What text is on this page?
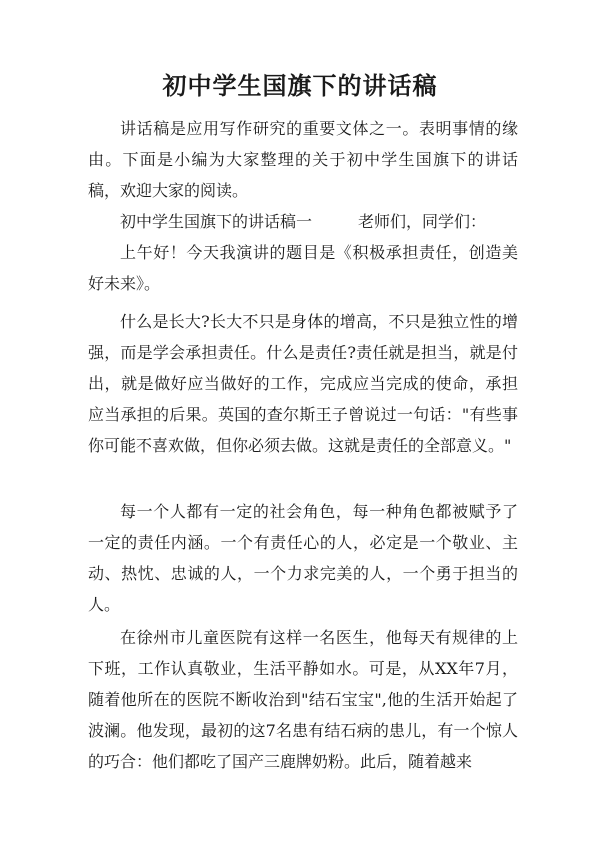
初中学生国旗下的讲话稿

讲话稿是应用写作研究的重要文体之一。表明事情的缘由。下面是小编为大家整理的关于初中学生国旗下的讲话稿，欢迎大家的阅读。

初中学生国旗下的讲话稿一	老师们，同学们：

上午好！今天我演讲的题目是《积极承担责任，创造美好未来》。

什么是长大?长大不只是身体的增高，不只是独立性的增强，而是学会承担责任。什么是责任?责任就是担当，就是付出，就是做好应当做好的工作，完成应当完成的使命，承担应当承担的后果。英国的查尔斯王子曾说过一句话："有些事你可能不喜欢做，但你必须去做。这就是责任的全部意义。"

每一个人都有一定的社会角色，每一种角色都被赋予了一定的责任内涵。一个有责任心的人，必定是一个敬业、主动、热忱、忠诚的人，一个力求完美的人，一个勇于担当的人。

在徐州市儿童医院有这样一名医生，他每天有规律的上下班，工作认真敬业，生活平静如水。可是，从XX年7月，随着他所在的医院不断收治到"结石宝宝",他的生活开始起了波澜。他发现，最初的这7名患有结石病的患儿，有一个惊人的巧合：他们都吃了国产三鹿牌奶粉。此后，随着越来
